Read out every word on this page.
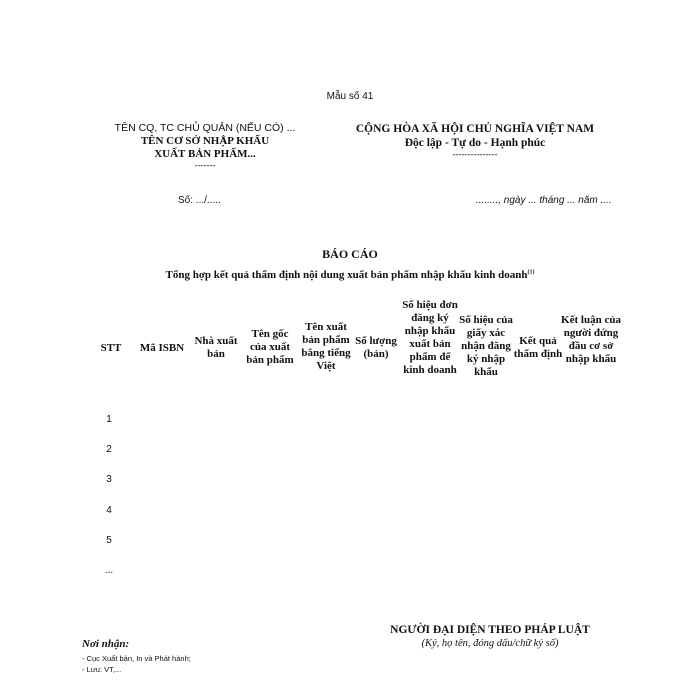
Mẫu số 41
TÊN CQ, TC CHỦ QUẢN (NẾU CÓ) ...
TÊN CƠ SỞ NHẬP KHẨU
XUẤT BẢN PHẨM...
-------
CỘNG HÒA XÃ HỘI CHỦ NGHĨA VIỆT NAM
Độc lập - Tự do - Hạnh phúc
---------------
Số: .../.....	........, ngày ... tháng ... năm ....
BÁO CÁO
Tổng hợp kết quả thẩm định nội dung xuất bản phẩm nhập khẩu kinh doanh$^{(1)}$
STT	Mã ISBN
Nhà xuất bản
Tên gốc của xuất bản phẩm
Tên xuất bản phẩm bằng tiếng Việt
Số lượng (bản)
Số hiệu đơn đăng ký nhập khẩu xuất bản phẩm để kinh doanh
Số hiệu của giấy xác nhận đăng ký nhập khẩu
Kết quả thẩm định
Kết luận của người đứng đầu cơ sở nhập khẩu
1
2
3
4
5
...
NGƯỜI ĐẠI DIỆN THEO PHÁP LUẬT
(Ký, họ tên, đóng dấu/chữ ký số)
Nơi nhận:
- Cục Xuất bản, In và Phát hành;
- Lưu: VT,...
